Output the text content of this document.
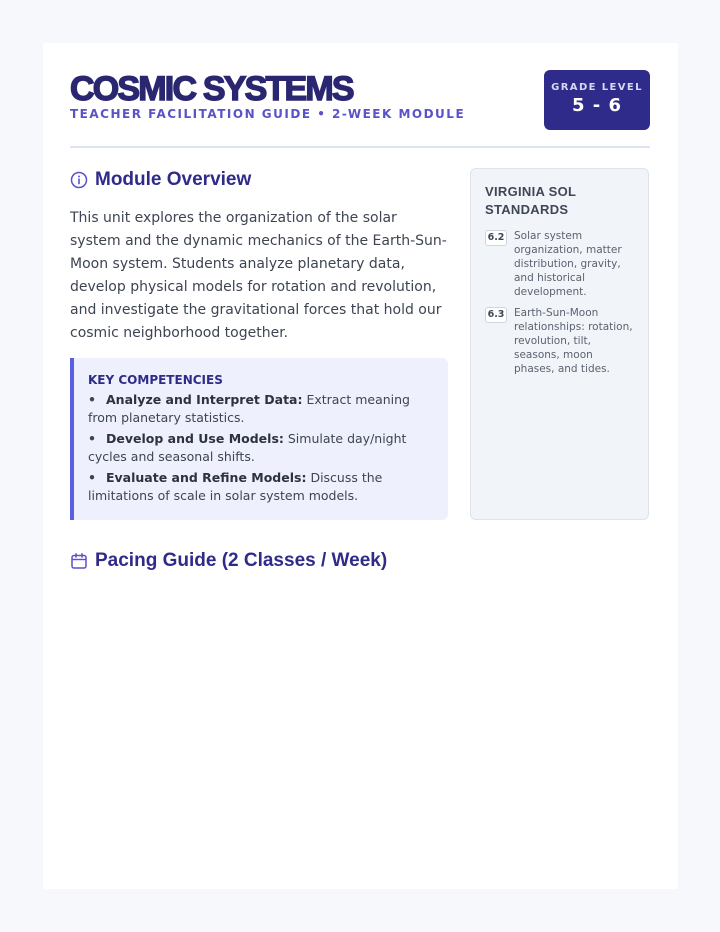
COSMIC SYSTEMS
TEACHER FACILITATION GUIDE • 2-WEEK MODULE
GRADE LEVEL
5 - 6
Module Overview

This unit explores the organization of the solar system and the dynamic mechanics of the Earth-Sun-Moon system. Students analyze planetary data, develop physical models for rotation and revolution, and investigate the gravitational forces that hold our cosmic neighborhood together.

KEY COMPETENCIES
• Analyze and Interpret Data: Extract meaning from planetary statistics.
• Develop and Use Models: Simulate day/night cycles and seasonal shifts.
• Evaluate and Refine Models: Discuss the limitations of scale in solar system models.
VIRGINIA SOL STANDARDS
6.2 Solar system organization, matter distribution, gravity, and historical development.
6.3 Earth-Sun-Moon relationships: rotation, revolution, tilt, seasons, moon phases, and tides.
Pacing Guide (2 Classes / Week)
